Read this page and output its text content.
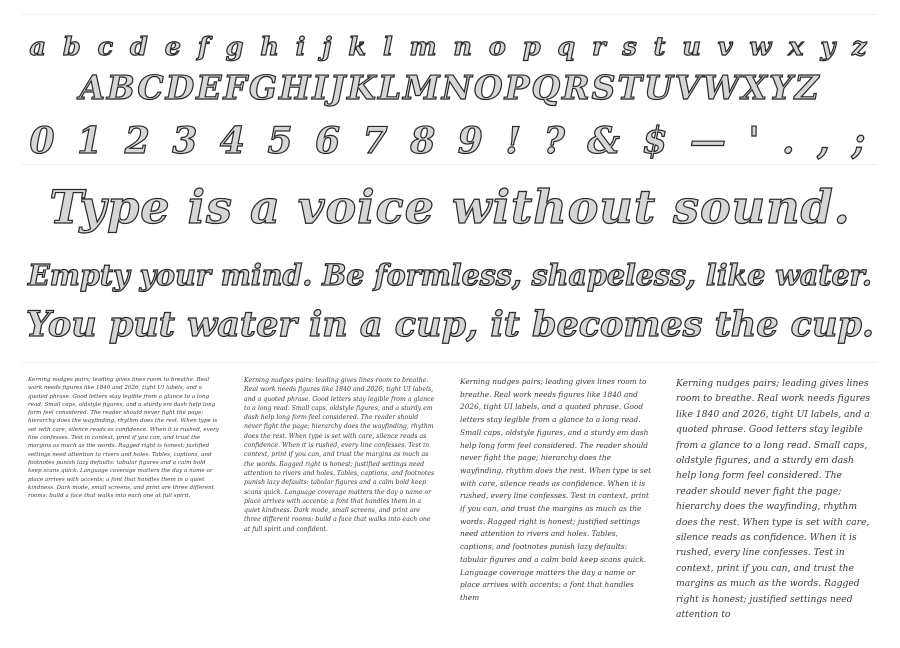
a b c d e f g h i j k l m n o p q r s t u v w x y z
ABCDEFGHIJKLMNOPQRSTUVWXYZ
0 1 2 3 4 5 6 7 8 9 ! ? & $ — ' . , ;
Type is a voice without sound.
Empty your mind. Be formless, shapeless, like water.
You put water in a cup, it becomes the cup.
Kerning nudges pairs; leading gives lines room to breathe. Real work needs figures like 1840 and 2026, tight UI labels, and a quoted phrase. Good letters stay legible from a glance to a long read. Small caps, oldstyle figures, and a sturdy em dash help long form feel considered. The reader should never fight the page; hierarchy does the wayfinding, rhythm does the rest. When type is set with care, silence reads as confidence. When it is rushed, every line confesses. Test in context, print if you can, and trust the margins as much as the words. Ragged right is honest; justified settings need attention to rivers and holes. Tables, captions, and footnotes punish lazy defaults: tabular figures and a calm bold keep scans quick. Language coverage matters the day a name or place arrives with accents; a font that handles them in a quiet kindness. Dark mode, small screens, and print are three different rooms: build a face that walks into each one at full spirit.
Kerning nudges pairs; leading gives lines room to breathe. Real work needs figures like 1840 and 2026, tight UI labels, and a quoted phrase. Good letters stay legible from a glance to a long read. Small caps, oldstyle figures, and a sturdy em dash help long form feel considered. The reader should never fight the page; hierarchy does the wayfinding, rhythm does the rest. When type is set with care, silence reads as confidence. When it is rushed, every line confesses. Test in context, print if you can, and trust the margins as much as the words. Ragged right is honest; justified settings need attention to rivers and holes. Tables, captions, and footnotes punish lazy defaults: tabular figures and a calm bold keep scans quick. Language coverage matters the day a name or place arrives with accents; a font that handles them in a quiet kindness. Dark mode, small screens, and print are three different rooms: build a face that walks into each one at full spirit and confident.
Kerning nudges pairs; leading gives lines room to breathe. Real work needs figures like 1840 and 2026, tight UI labels, and a quoted phrase. Good letters stay legible from a glance to a long read. Small caps, oldstyle figures, and a sturdy em dash help long form feel considered. The reader should never fight the page; hierarchy does the wayfinding, rhythm does the rest. When type is set with care, silence reads as confidence. When it is rushed, every line confesses. Test in context, print if you can, and trust the margins as much as the words. Ragged right is honest; justified settings need attention to rivers and holes. Tables, captions, and footnotes punish lazy defaults: tabular figures and a calm bold keep scans quick. Language coverage matters the day a name or place arrives with accents; a font that handles them
Kerning nudges pairs; leading gives lines room to breathe. Real work needs figures like 1840 and 2026, tight UI labels, and a quoted phrase. Good letters stay legible from a glance to a long read. Small caps, oldstyle figures, and a sturdy em dash help long form feel considered. The reader should never fight the page; hierarchy does the wayfinding, rhythm does the rest. When type is set with care, silence reads as confidence. When it is rushed, every line confesses. Test in context, print if you can, and trust the margins as much as the words. Ragged right is honest; justified settings need attention to
